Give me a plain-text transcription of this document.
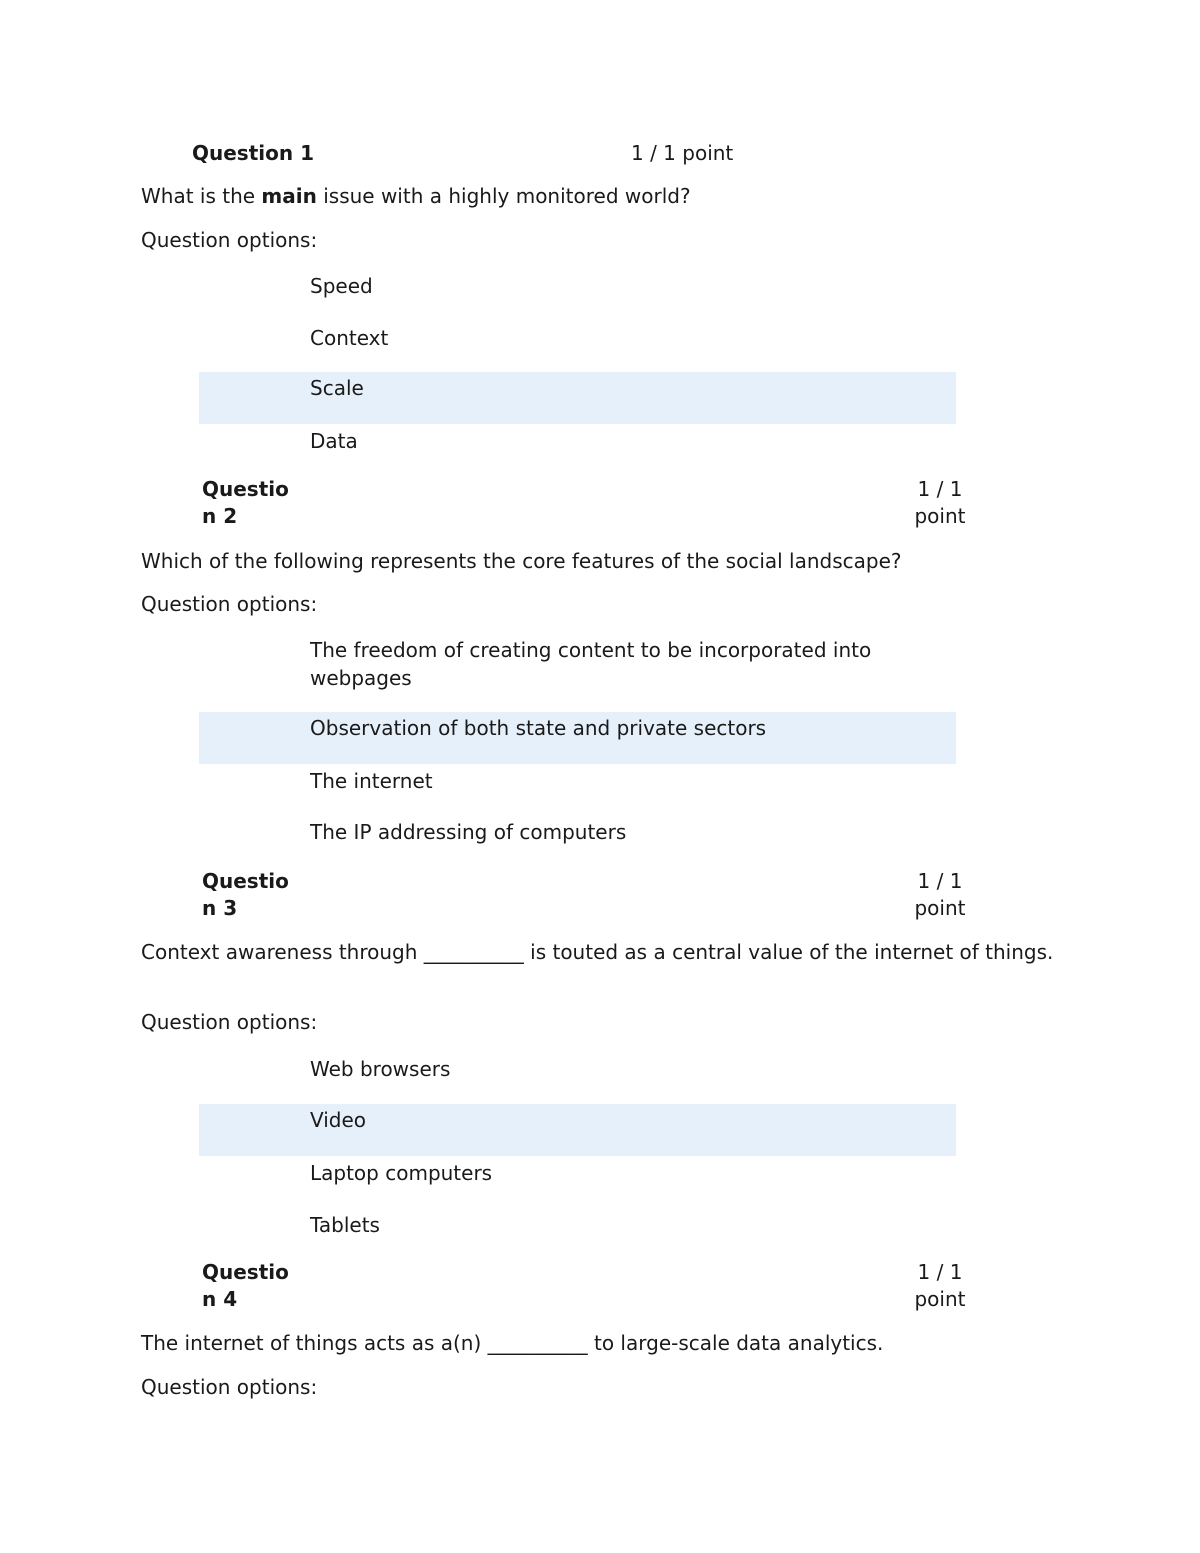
Question 1	1 / 1 point
What is the main issue with a highly monitored world?
Question options:
Speed
Context
Scale
Data
Question 2
1 / 1 point
Which of the following represents the core features of the social landscape?
Question options:
The freedom of creating content to be incorporated into webpages
Observation of both state and private sectors
The internet
The IP addressing of computers
Question 3
1 / 1 point
Context awareness through __________ is touted as a central value of the internet of things.
Question options:
Web browsers
Video
Laptop computers
Tablets
Question 4
1 / 1 point
The internet of things acts as a(n) __________ to large-scale data analytics.
Question options:
